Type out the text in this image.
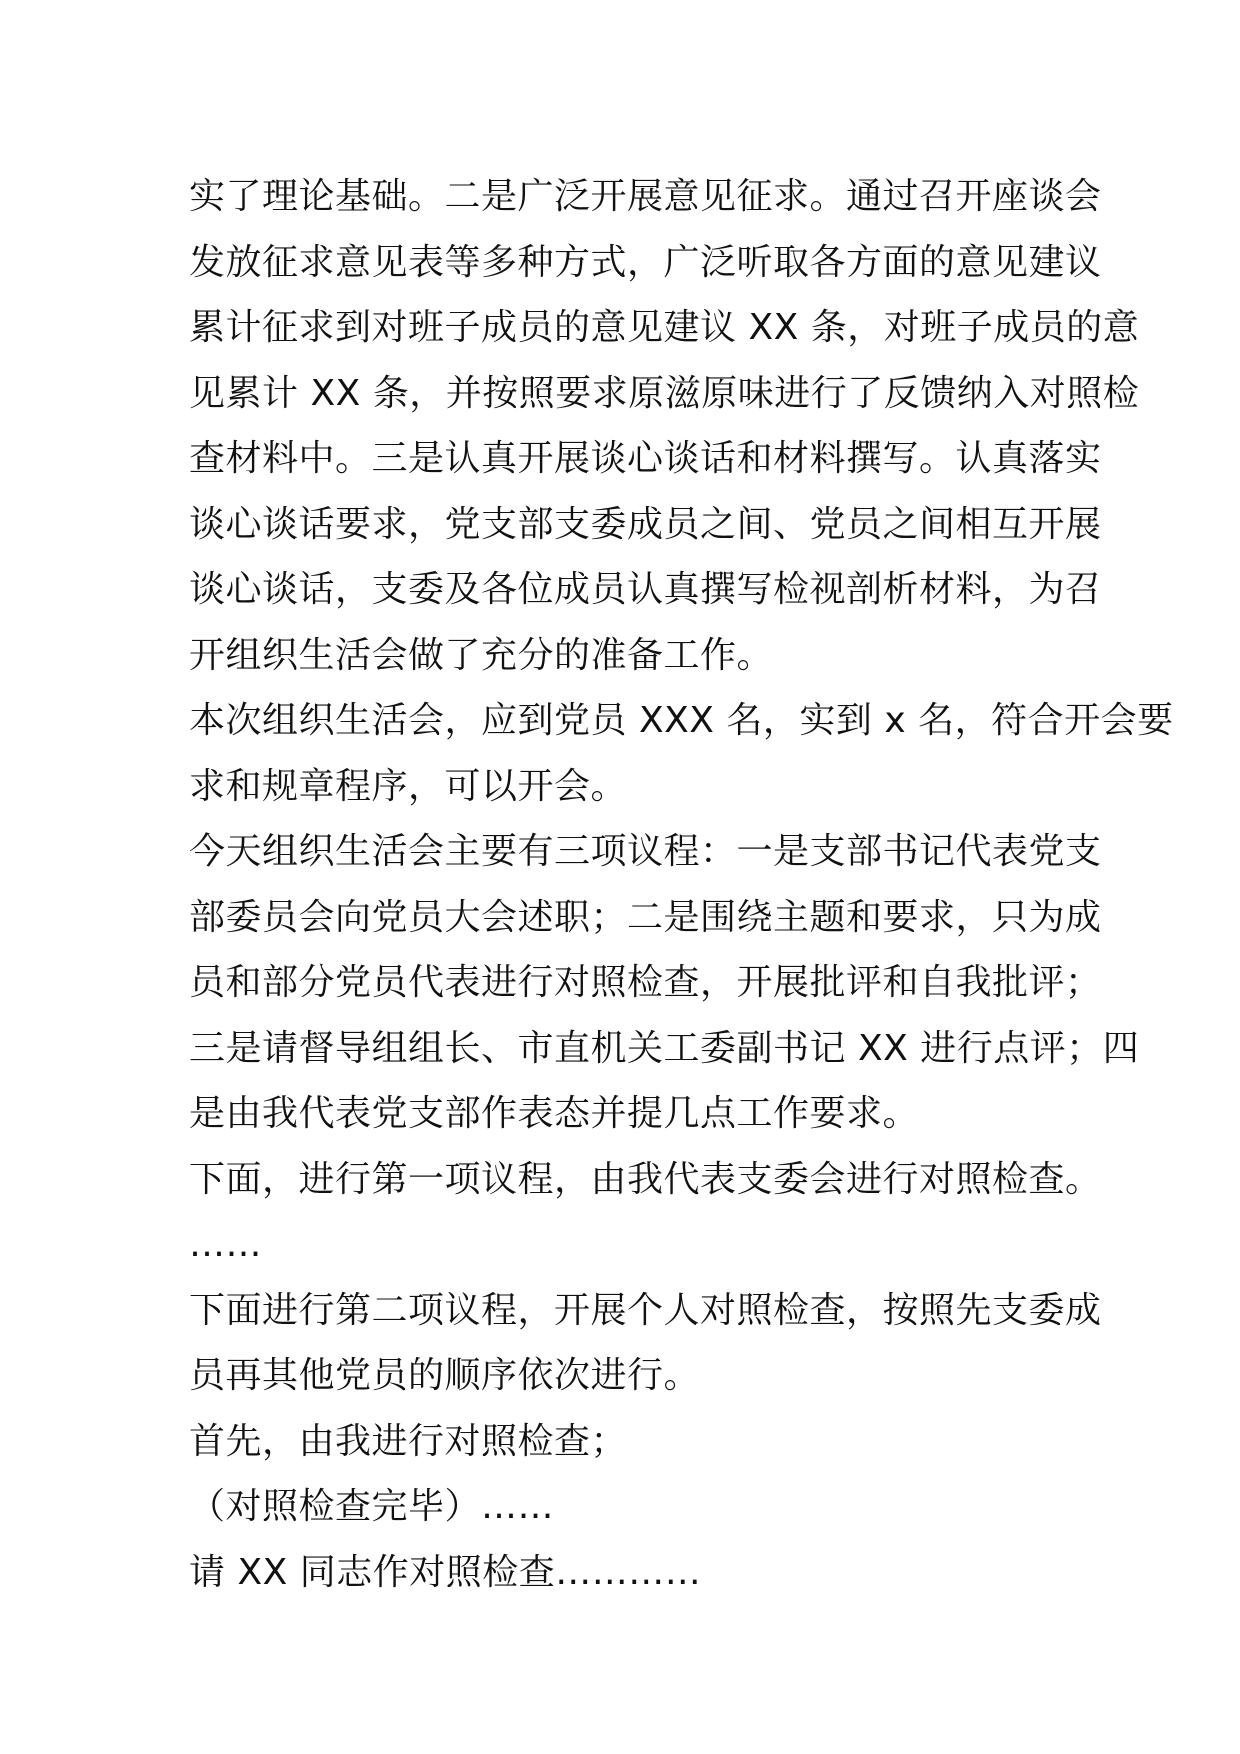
实了理论基础。二是广泛开展意见征求。通过召开座谈会
发放征求意见表等多种方式，广泛听取各方面的意见建议
累计征求到对班子成员的意见建议 XX 条，对班子成员的意
见累计 XX 条，并按照要求原滋原味进行了反馈纳入对照检
查材料中。三是认真开展谈心谈话和材料撰写。认真落实
谈心谈话要求，党支部支委成员之间、党员之间相互开展
谈心谈话，支委及各位成员认真撰写检视剖析材料，为召
开组织生活会做了充分的准备工作。
本次组织生活会，应到党员 XXX 名，实到 x 名，符合开会要
求和规章程序，可以开会。
今天组织生活会主要有三项议程：一是支部书记代表党支
部委员会向党员大会述职；二是围绕主题和要求，只为成
员和部分党员代表进行对照检查，开展批评和自我批评；
三是请督导组组长、市直机关工委副书记 XX 进行点评；四
是由我代表党支部作表态并提几点工作要求。
下面，进行第一项议程，由我代表支委会进行对照检查。
……
下面进行第二项议程，开展个人对照检查，按照先支委成
员再其他党员的顺序依次进行。
首先，由我进行对照检查；
（对照检查完毕）……
请 XX 同志作对照检查…………
